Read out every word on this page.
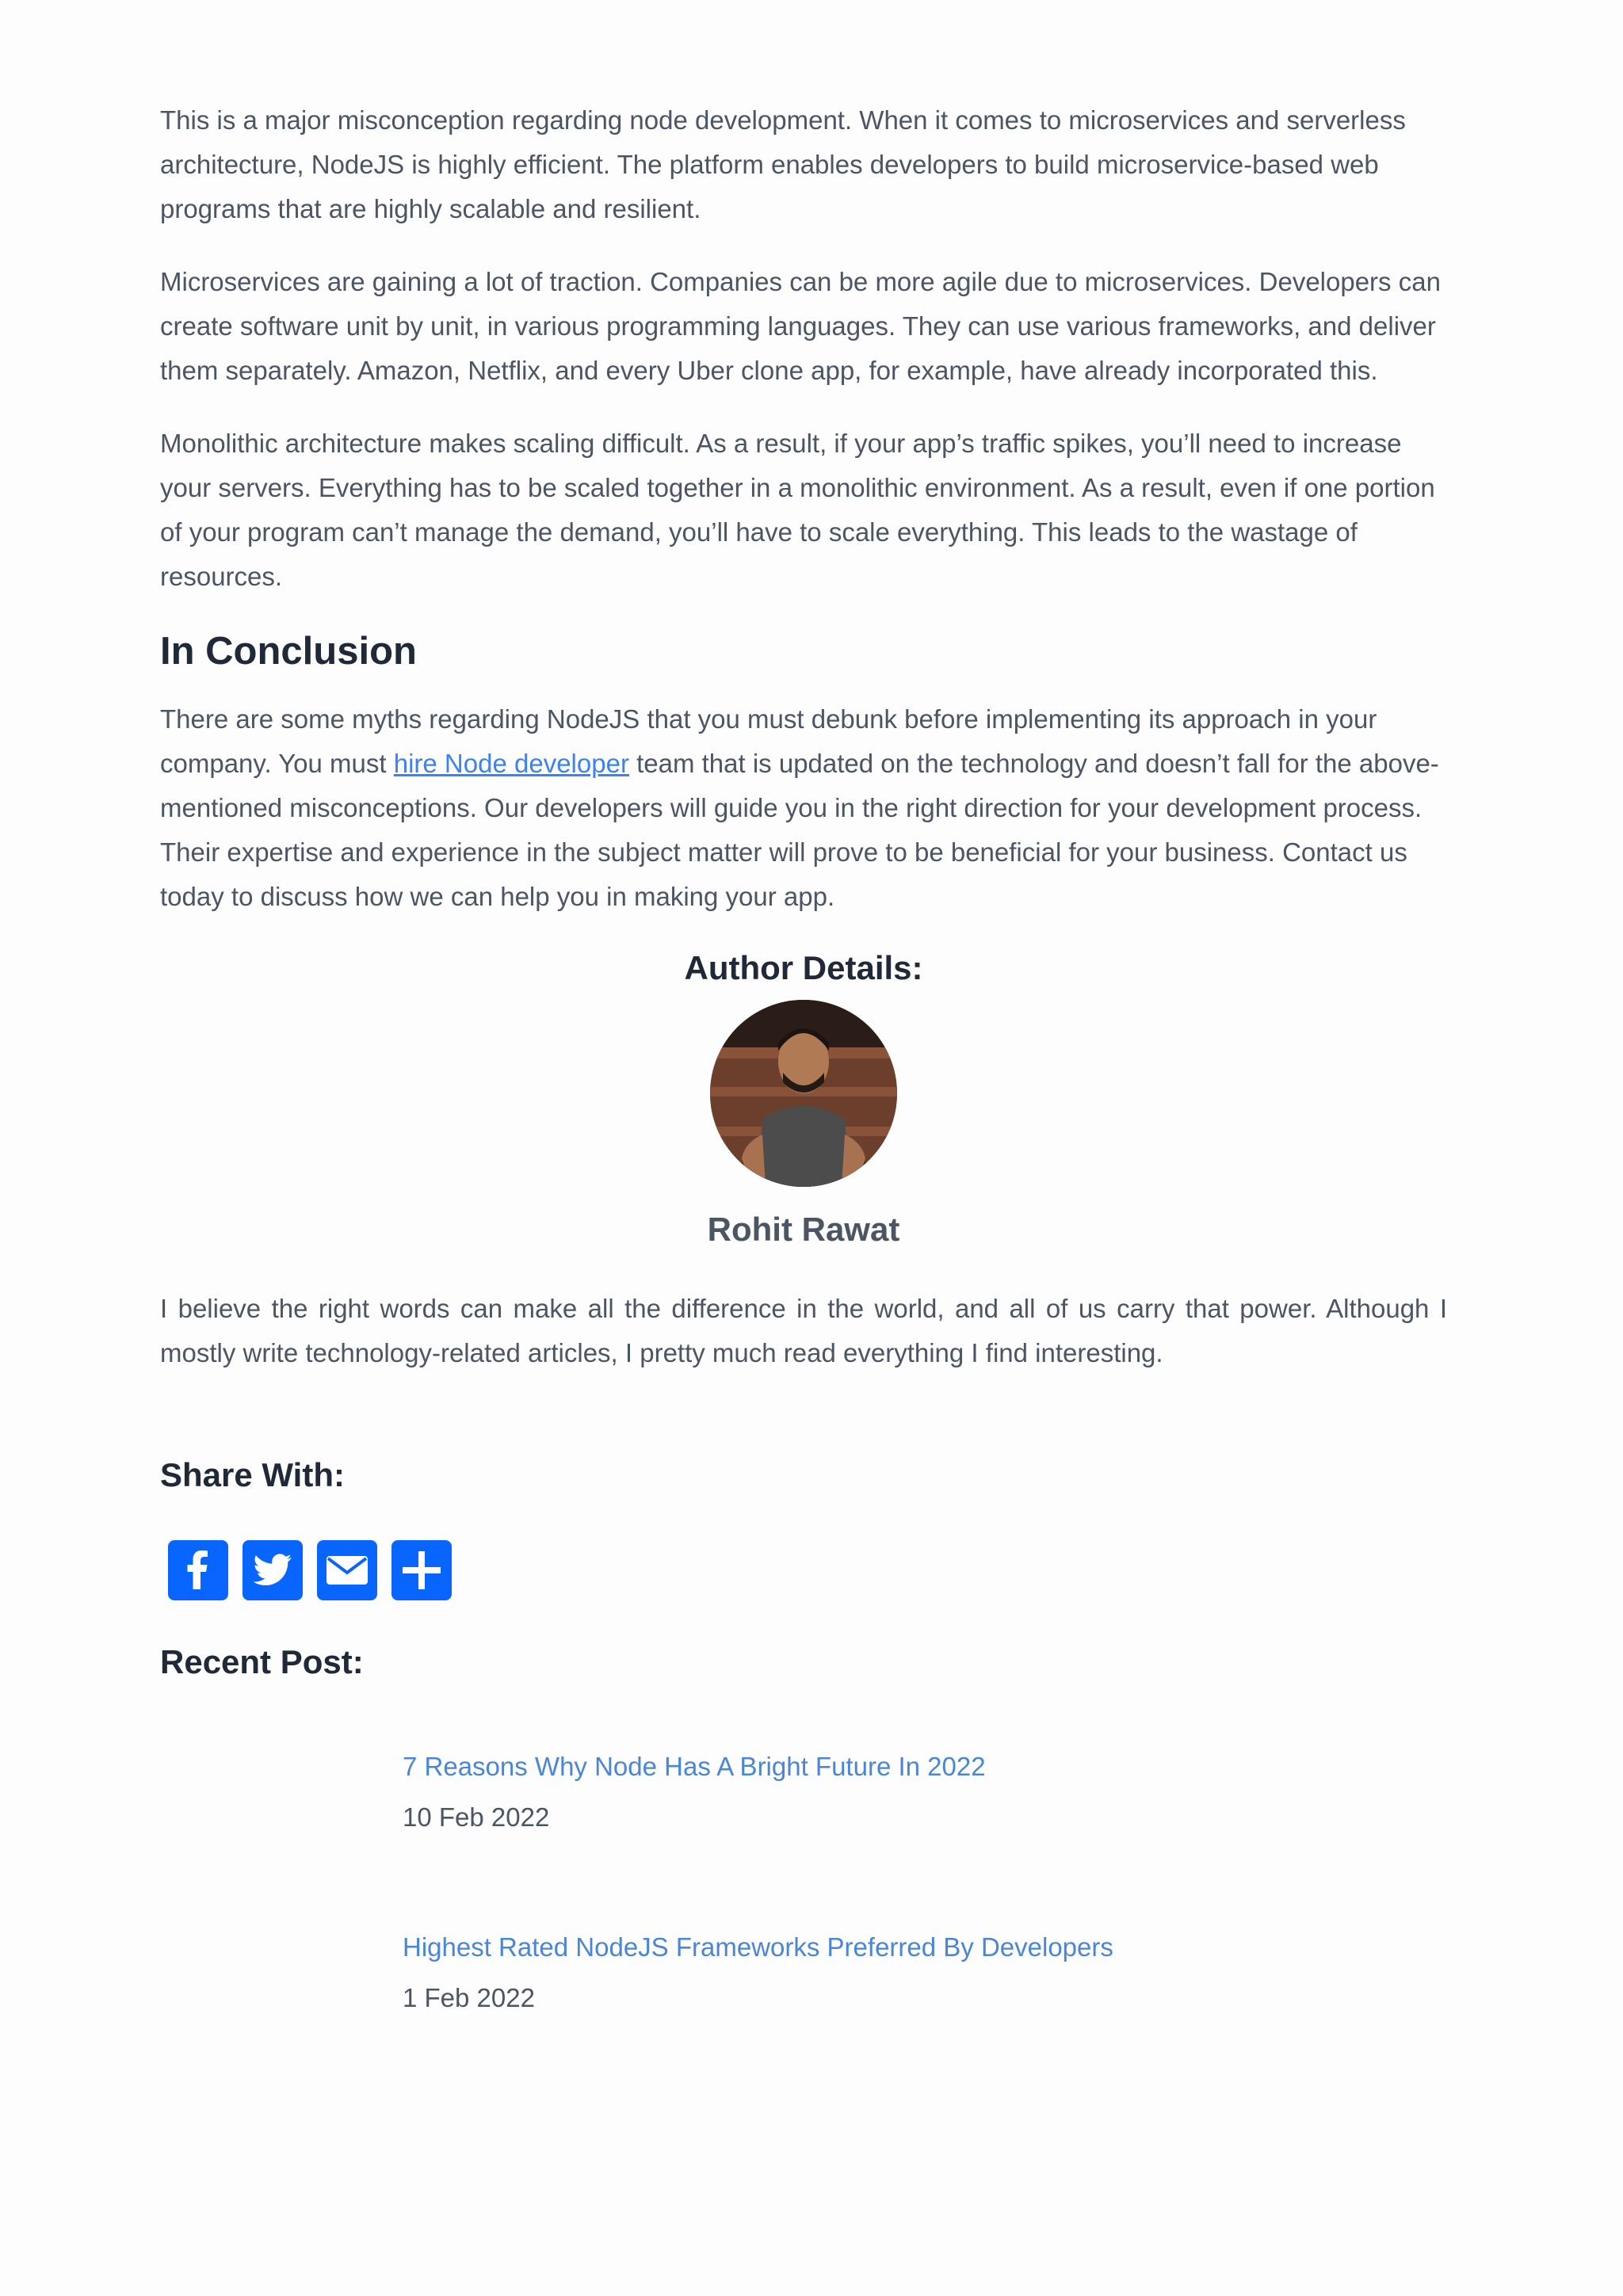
This is a major misconception regarding node development. When it comes to microservices and serverless architecture, NodeJS is highly efficient. The platform enables developers to build microservice-based web programs that are highly scalable and resilient.

Microservices are gaining a lot of traction. Companies can be more agile due to microservices. Developers can create software unit by unit, in various programming languages. They can use various frameworks, and deliver them separately. Amazon, Netflix, and every Uber clone app, for example, have already incorporated this.

Monolithic architecture makes scaling difficult. As a result, if your app’s traffic spikes, you’ll need to increase your servers. Everything has to be scaled together in a monolithic environment. As a result, even if one portion of your program can’t manage the demand, you’ll have to scale everything. This leads to the wastage of resources.

In Conclusion

There are some myths regarding NodeJS that you must debunk before implementing its approach in your company. You must hire Node developer team that is updated on the technology and doesn’t fall for the above-mentioned misconceptions. Our developers will guide you in the right direction for your development process. Their expertise and experience in the subject matter will prove to be beneficial for your business. Contact us today to discuss how we can help you in making your app.

Author Details:
Rohit Rawat

I believe the right words can make all the difference in the world, and all of us carry that power. Although I mostly write technology-related articles, I pretty much read everything I find interesting.

Share With:
Recent Post:
7 Reasons Why Node Has A Bright Future In 2022
10 Feb 2022
Highest Rated NodeJS Frameworks Preferred By Developers
1 Feb 2022
